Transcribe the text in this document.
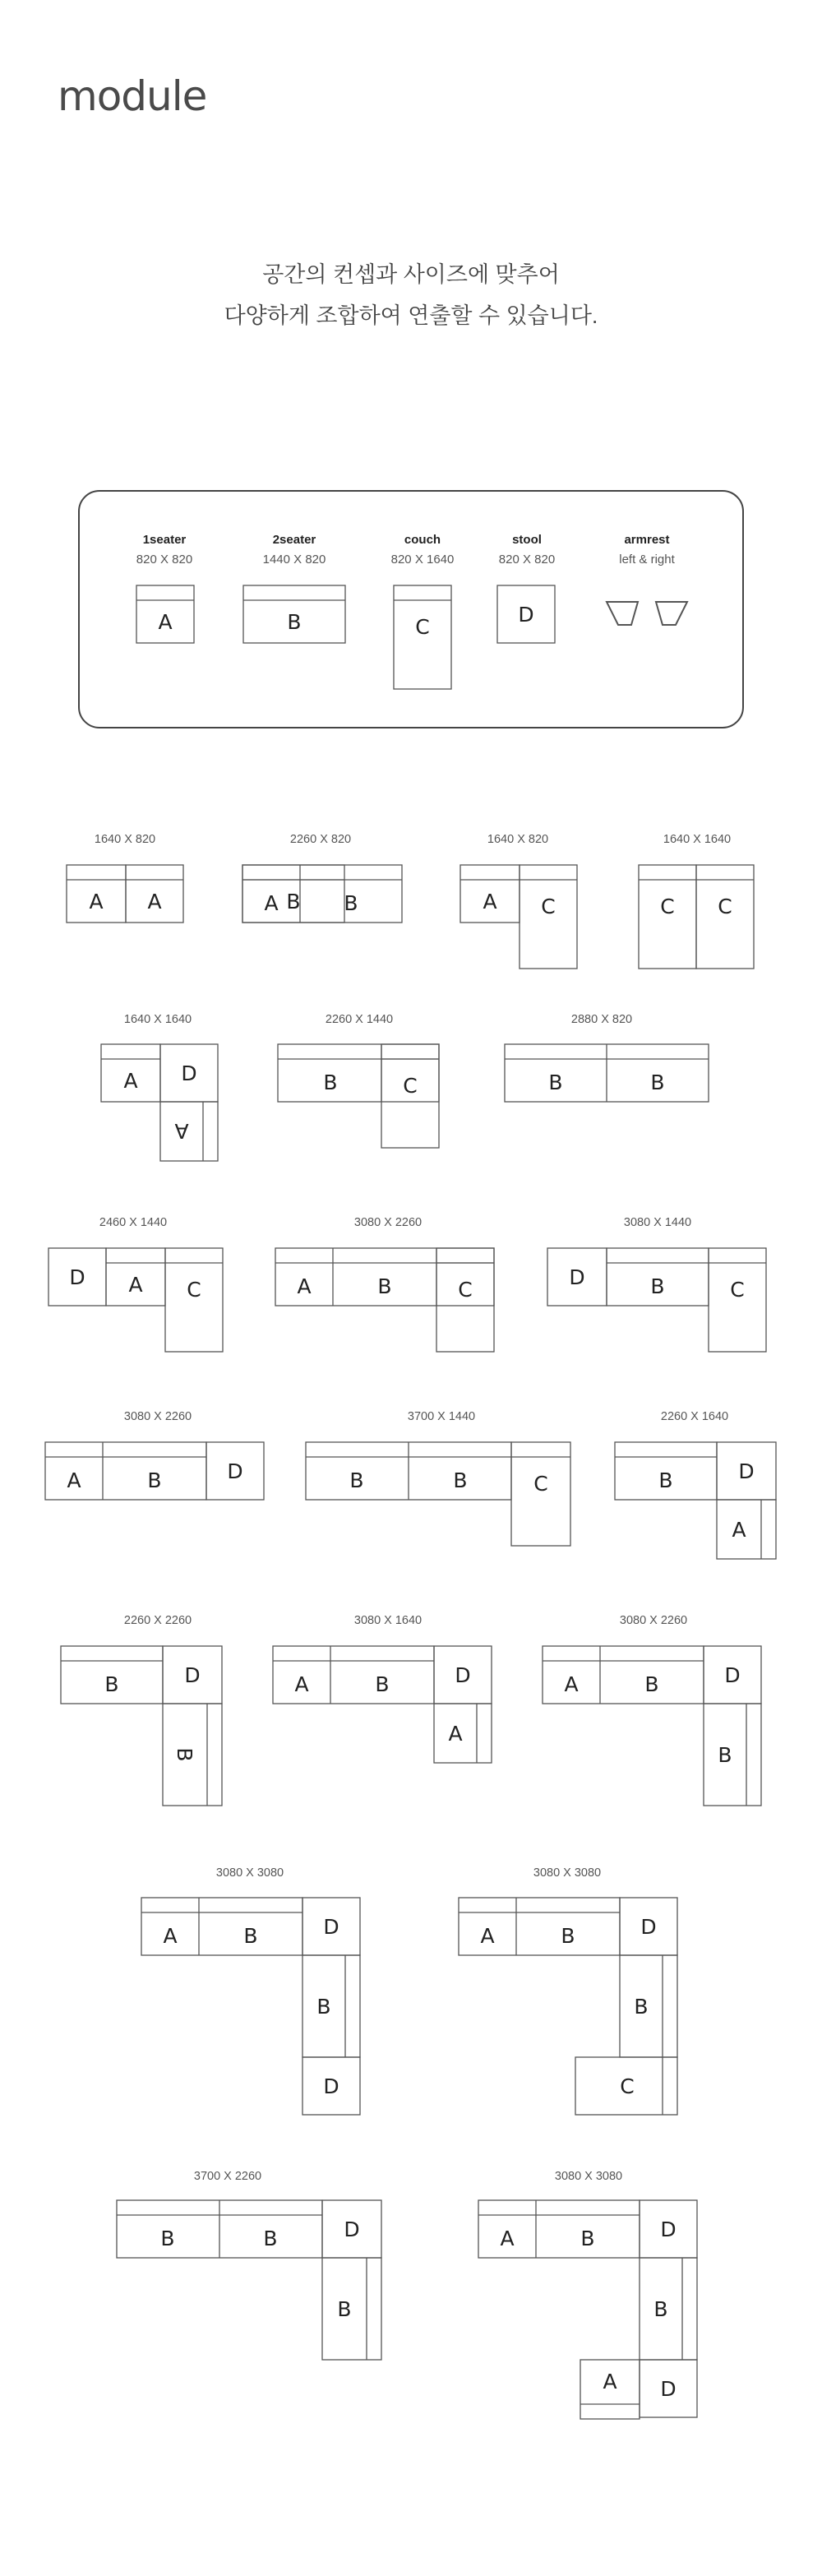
module
공간의 컨셉과 사이즈에 맞추어
다양하게 조합하여 연출할 수 있습니다.
1seater
820 X 820
2seater
1440 X 820
couch
820 X 1640
stool
820 X 820
armrest
left & right
1640 X 820	2260 X 820	1640 X 820	1640 X 1640
1640 X 1640	2260 X 1440	2880 X 820
2460 X 1440	3080 X 2260	3080 X 1440
3080 X 2260	3700 X 1440	2260 X 1640
2260 X 2260	3080 X 1640	3080 X 2260
3080 X 3080	3080 X 3080
3700 X 2260	3080 X 3080
A	B	C
D
A A	B
A	B	A C	C C
A D
A
B	C	B	B
D A C	A	B	C
D	B	C
A	B	D	B	B	C	B	D
A
B	D
B
A	B	D
A
A	B	D
B
A	B	D
B
D
A	B	D
B
C
B	B	D
B
A	B	D
B
D
A
